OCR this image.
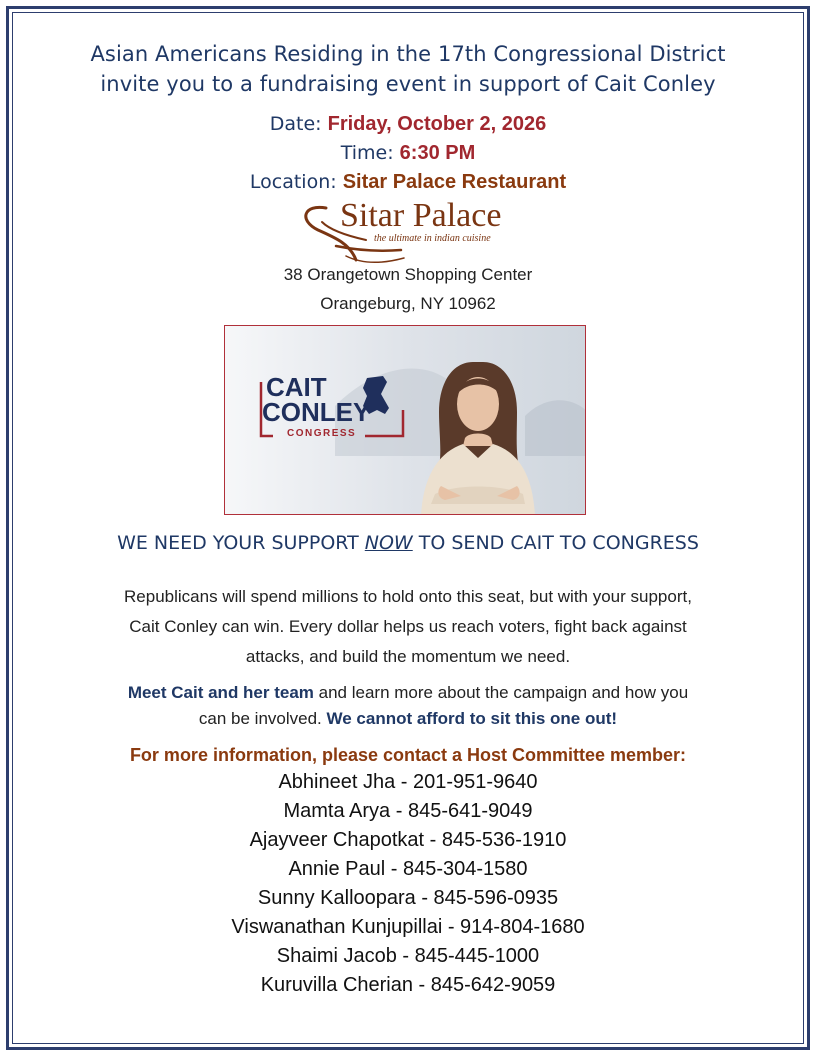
Asian Americans Residing in the 17th Congressional District
invite you to a fundraising event in support of Cait Conley
Date: Friday, October 2, 2026
Time: 6:30 PM
Location: Sitar Palace Restaurant
Sitar Palace
the ultimate in indian cuisine
38 Orangetown Shopping Center
Orangeburg, NY 10962
CAIT
CONLEY
CONGRESS
WE NEED YOUR SUPPORT NOW TO SEND CAIT TO CONGRESS
Republicans will spend millions to hold onto this seat, but with your support,
Cait Conley can win. Every dollar helps us reach voters, fight back against
attacks, and build the momentum we need.
Meet Cait and her team and learn more about the campaign and how you
can be involved. We cannot afford to sit this one out!
For more information, please contact a Host Committee member:
Abhineet Jha - 201-951-9640
Mamta Arya - 845-641-9049
Ajayveer Chapotkat - 845-536-1910
Annie Paul - 845-304-1580
Sunny Kalloopara - 845-596-0935
Viswanathan Kunjupillai - 914-804-1680
Shaimi Jacob - 845-445-1000
Kuruvilla Cherian - 845-642-9059
